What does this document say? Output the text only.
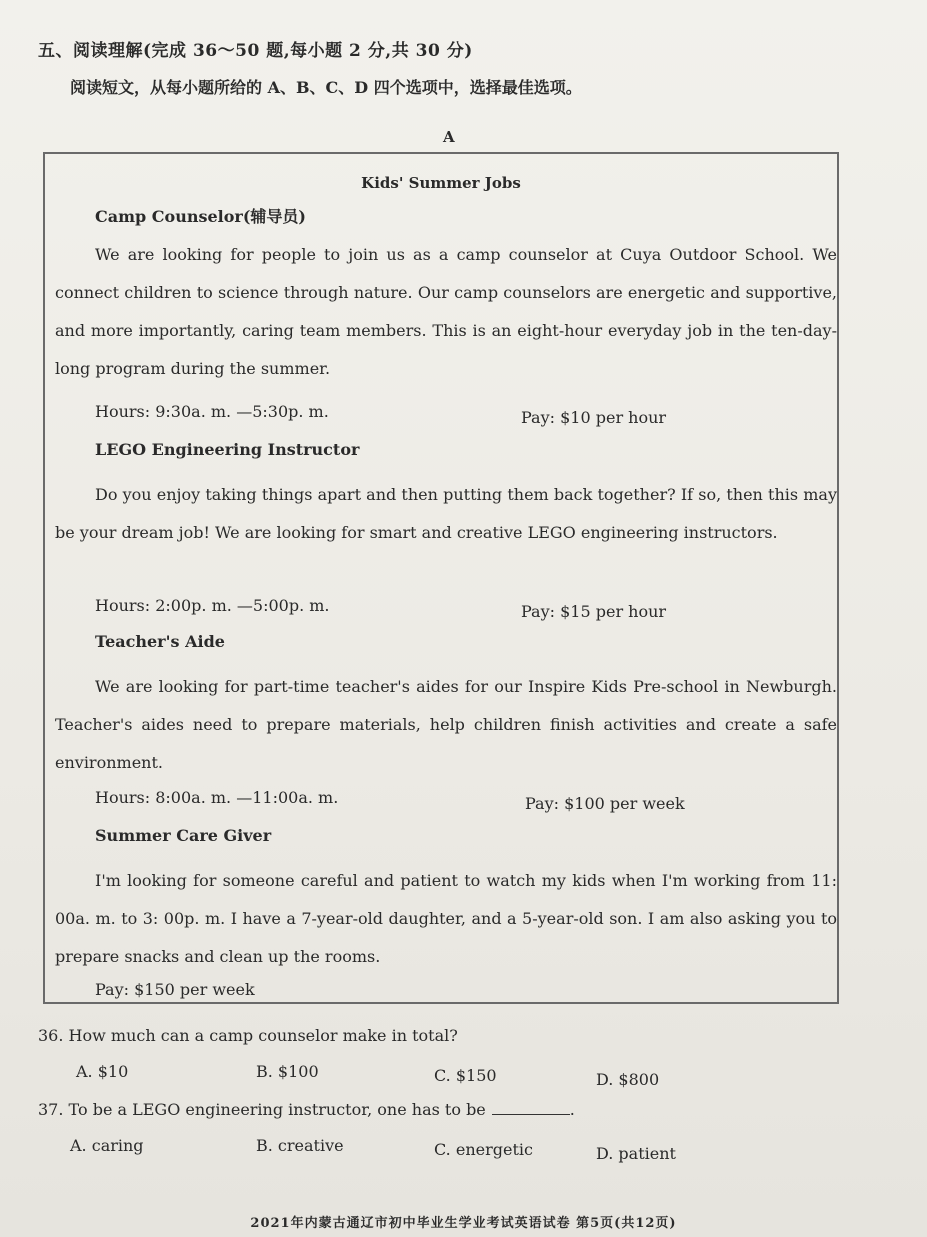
五、阅读理解(完成 36～50 题,每小题 2 分,共 30 分)
阅读短文，从每小题所给的 A、B、C、D 四个选项中，选择最佳选项。
A
Kids' Summer Jobs
Camp Counselor(辅导员)
We are looking for people to join us as a camp counselor at Cuya Outdoor School. We connect children to science through nature. Our camp counselors are energetic and supportive, and more importantly, caring team members. This is an eight-hour everyday job in the ten-day-long program during the summer.
Hours: 9:30a. m. —5:30p. m.	Pay: $10 per hour
LEGO Engineering Instructor
Do you enjoy taking things apart and then putting them back together? If so, then this may be your dream job! We are looking for smart and creative LEGO engineering instructors.
Hours: 2:00p. m. —5:00p. m.	Pay: $15 per hour
Teacher's Aide
We are looking for part-time teacher's aides for our Inspire Kids Pre-school in Newburgh. Teacher's aides need to prepare materials, help children finish activities and create a safe environment.
Hours: 8:00a. m. —11:00a. m.	Pay: $100 per week
Summer Care Giver
I'm looking for someone careful and patient to watch my kids when I'm working from 11: 00a. m. to 3: 00p. m. I have a 7-year-old daughter, and a 5-year-old son. I am also asking you to prepare snacks and clean up the rooms.
Pay: $150 per week
36. How much can a camp counselor make in total?
A. $10	B. $100	C. $150	D. $800
37. To be a LEGO engineering instructor, one has to be	.
A. caring	B. creative	C. energetic	D. patient
2021年内蒙古通辽市初中毕业生学业考试英语试卷 第5页(共12页)
